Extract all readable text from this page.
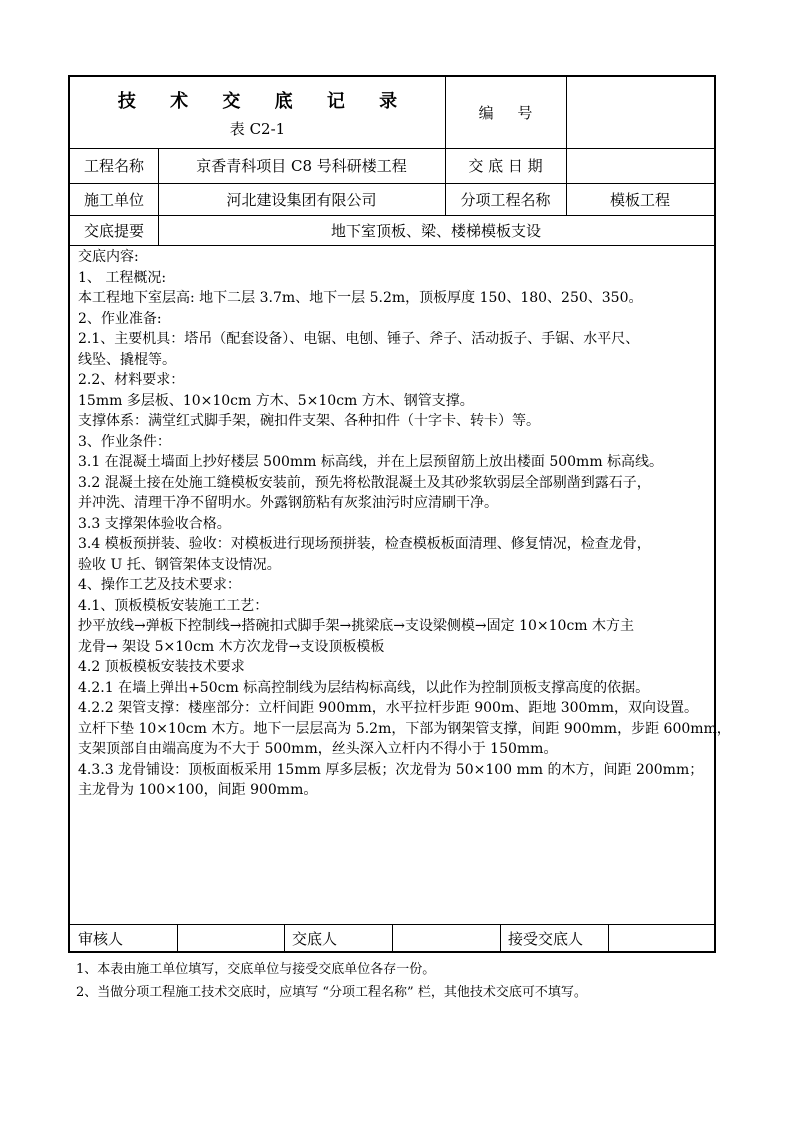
技 术 交 底 记 录
表 C2-1
编     号
工程名称	京香青科项目 C8 号科研楼工程	交 底 日 期
施工单位	河北建设集团有限公司	分项工程名称	模板工程
交底提要	地下室顶板、梁、楼梯模板支设
交底内容:
1、 工程概况:
本工程地下室层高: 地下二层 3.7m、地下一层 5.2m，顶板厚度 150、180、250、350。
2、作业准备:
2.1、主要机具：塔吊（配套设备）、电锯、电刨、锤子、斧子、活动扳子、手锯、水平尺、
线坠、撬棍等。
2.2、材料要求：
15mm 多层板、10×10cm 方木、5×10cm 方木、钢管支撑。
支撑体系：满堂红式脚手架，碗扣件支架、各种扣件（十字卡、转卡）等。
3、作业条件：
3.1 在混凝土墙面上抄好楼层 500mm 标高线，并在上层预留筋上放出楼面 500mm 标高线。
3.2 混凝土接在处施工缝模板安装前，预先将松散混凝土及其砂浆软弱层全部剔凿到露石子，
并冲洗、清理干净不留明水。外露钢筋粘有灰浆油污时应清刷干净。
3.3 支撑架体验收合格。
3.4 模板预拼装、验收：对模板进行现场预拼装，检查模板板面清理、修复情况，检查龙骨，
验收 U 托、钢管架体支设情况。
4、操作工艺及技术要求：
4.1、顶板模板安装施工工艺：
抄平放线→弹板下控制线→搭碗扣式脚手架→挑梁底→支设梁侧模→固定 10×10cm 木方主
龙骨→ 架设 5×10cm 木方次龙骨→支设顶板模板
4.2 顶板模板安装技术要求
4.2.1 在墙上弹出+50cm 标高控制线为层结构标高线，以此作为控制顶板支撑高度的依据。
4.2.2 架管支撑：楼座部分：立杆间距 900mm，水平拉杆步距 900m、距地 300mm，双向设置。
立杆下垫 10×10cm 木方。地下一层层高为 5.2m，下部为钢架管支撑，间距 900mm，步距 600mm，
支架顶部自由端高度为不大于 500mm，丝头深入立杆内不得小于 150mm。
4.3.3 龙骨铺设：顶板面板采用 15mm 厚多层板；次龙骨为 50×100 mm 的木方，间距 200mm；
主龙骨为 100×100，间距 900mm。
审核人	交底人	接受交底人
1、本表由施工单位填写，交底单位与接受交底单位各存一份。
2、当做分项工程施工技术交底时，应填写 “分项工程名称” 栏，其他技术交底可不填写。
